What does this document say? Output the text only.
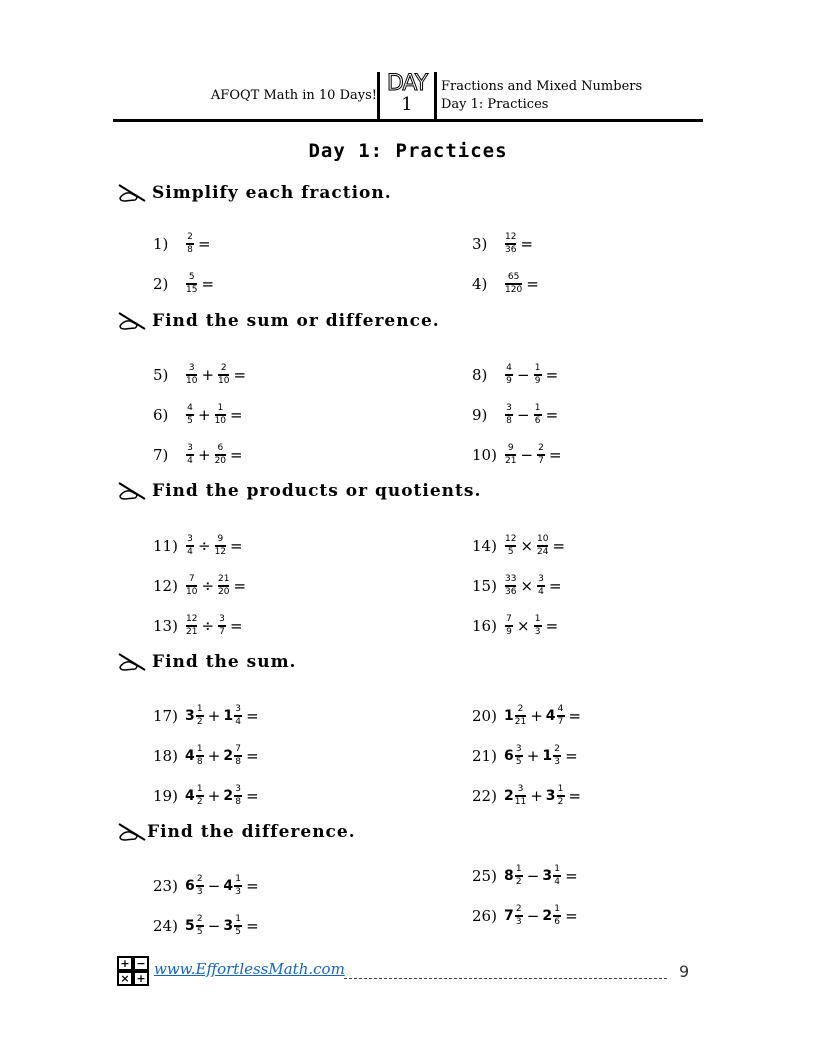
AFOQT Math in 10 Days! DAY
1
Fractions and Mixed Numbers
Day 1: Practices
Day 1: Practices
Simplify each fraction.
Find the sum or difference.
Find the products or quotients.
Find the sum.
Find the difference.
1)	$\frac{2}{8}$ =
2)	$\frac{5}{15}$ =
3)	$\frac{12}{36}$ =
4)	$\frac{65}{120}$ =
5)	$\frac{3}{10} + \frac{2}{10}$ =
6)	$\frac{4}{5} + \frac{1}{10}$ =
7)	$\frac{3}{4} + \frac{6}{20}$ =
8)	$\frac{4}{9} - \frac{1}{9}$ =
9)	$\frac{3}{8} - \frac{1}{6}$ =
$10) \frac{9}{21} - \frac{2}{7}$ =
$11) \frac{3}{4} \div \frac{9}{12}$ =
$12) \frac{7}{10} \div \frac{21}{20}$ =
$13) \frac{12}{21} \div \frac{3}{7}$ =
$14) \frac{12}{5} \times \frac{10}{24}$ =
$15) \frac{33}{36} \times \frac{3}{4}$ =
$16) \frac{7}{9} \times \frac{1}{3}$ =
17) $3 \frac{1}{2} + 1 \frac{3}{4}$ =
18) $4 \frac{1}{8} + 2 \frac{7}{8}$ =
19) $4 \frac{1}{2} + 2 \frac{3}{8}$ =
20) $1 \frac{2}{21} + 4 \frac{4}{7}$ =
21) $6 \frac{3}{5} + 1 \frac{2}{3}$ =
22) $2 \frac{3}{11} + 3 \frac{1}{2}$ =
23) $6 \frac{2}{3} - 4 \frac{1}{3}$ =
24) $5 \frac{2}{5} - 3 \frac{1}{5}$ =
25) $8 \frac{1}{2} - 3 \frac{1}{4}$ =
26) $7 \frac{2}{3} - 2 \frac{1}{6}$ =
+ −
× +
www.EffortlessMath.com	9
